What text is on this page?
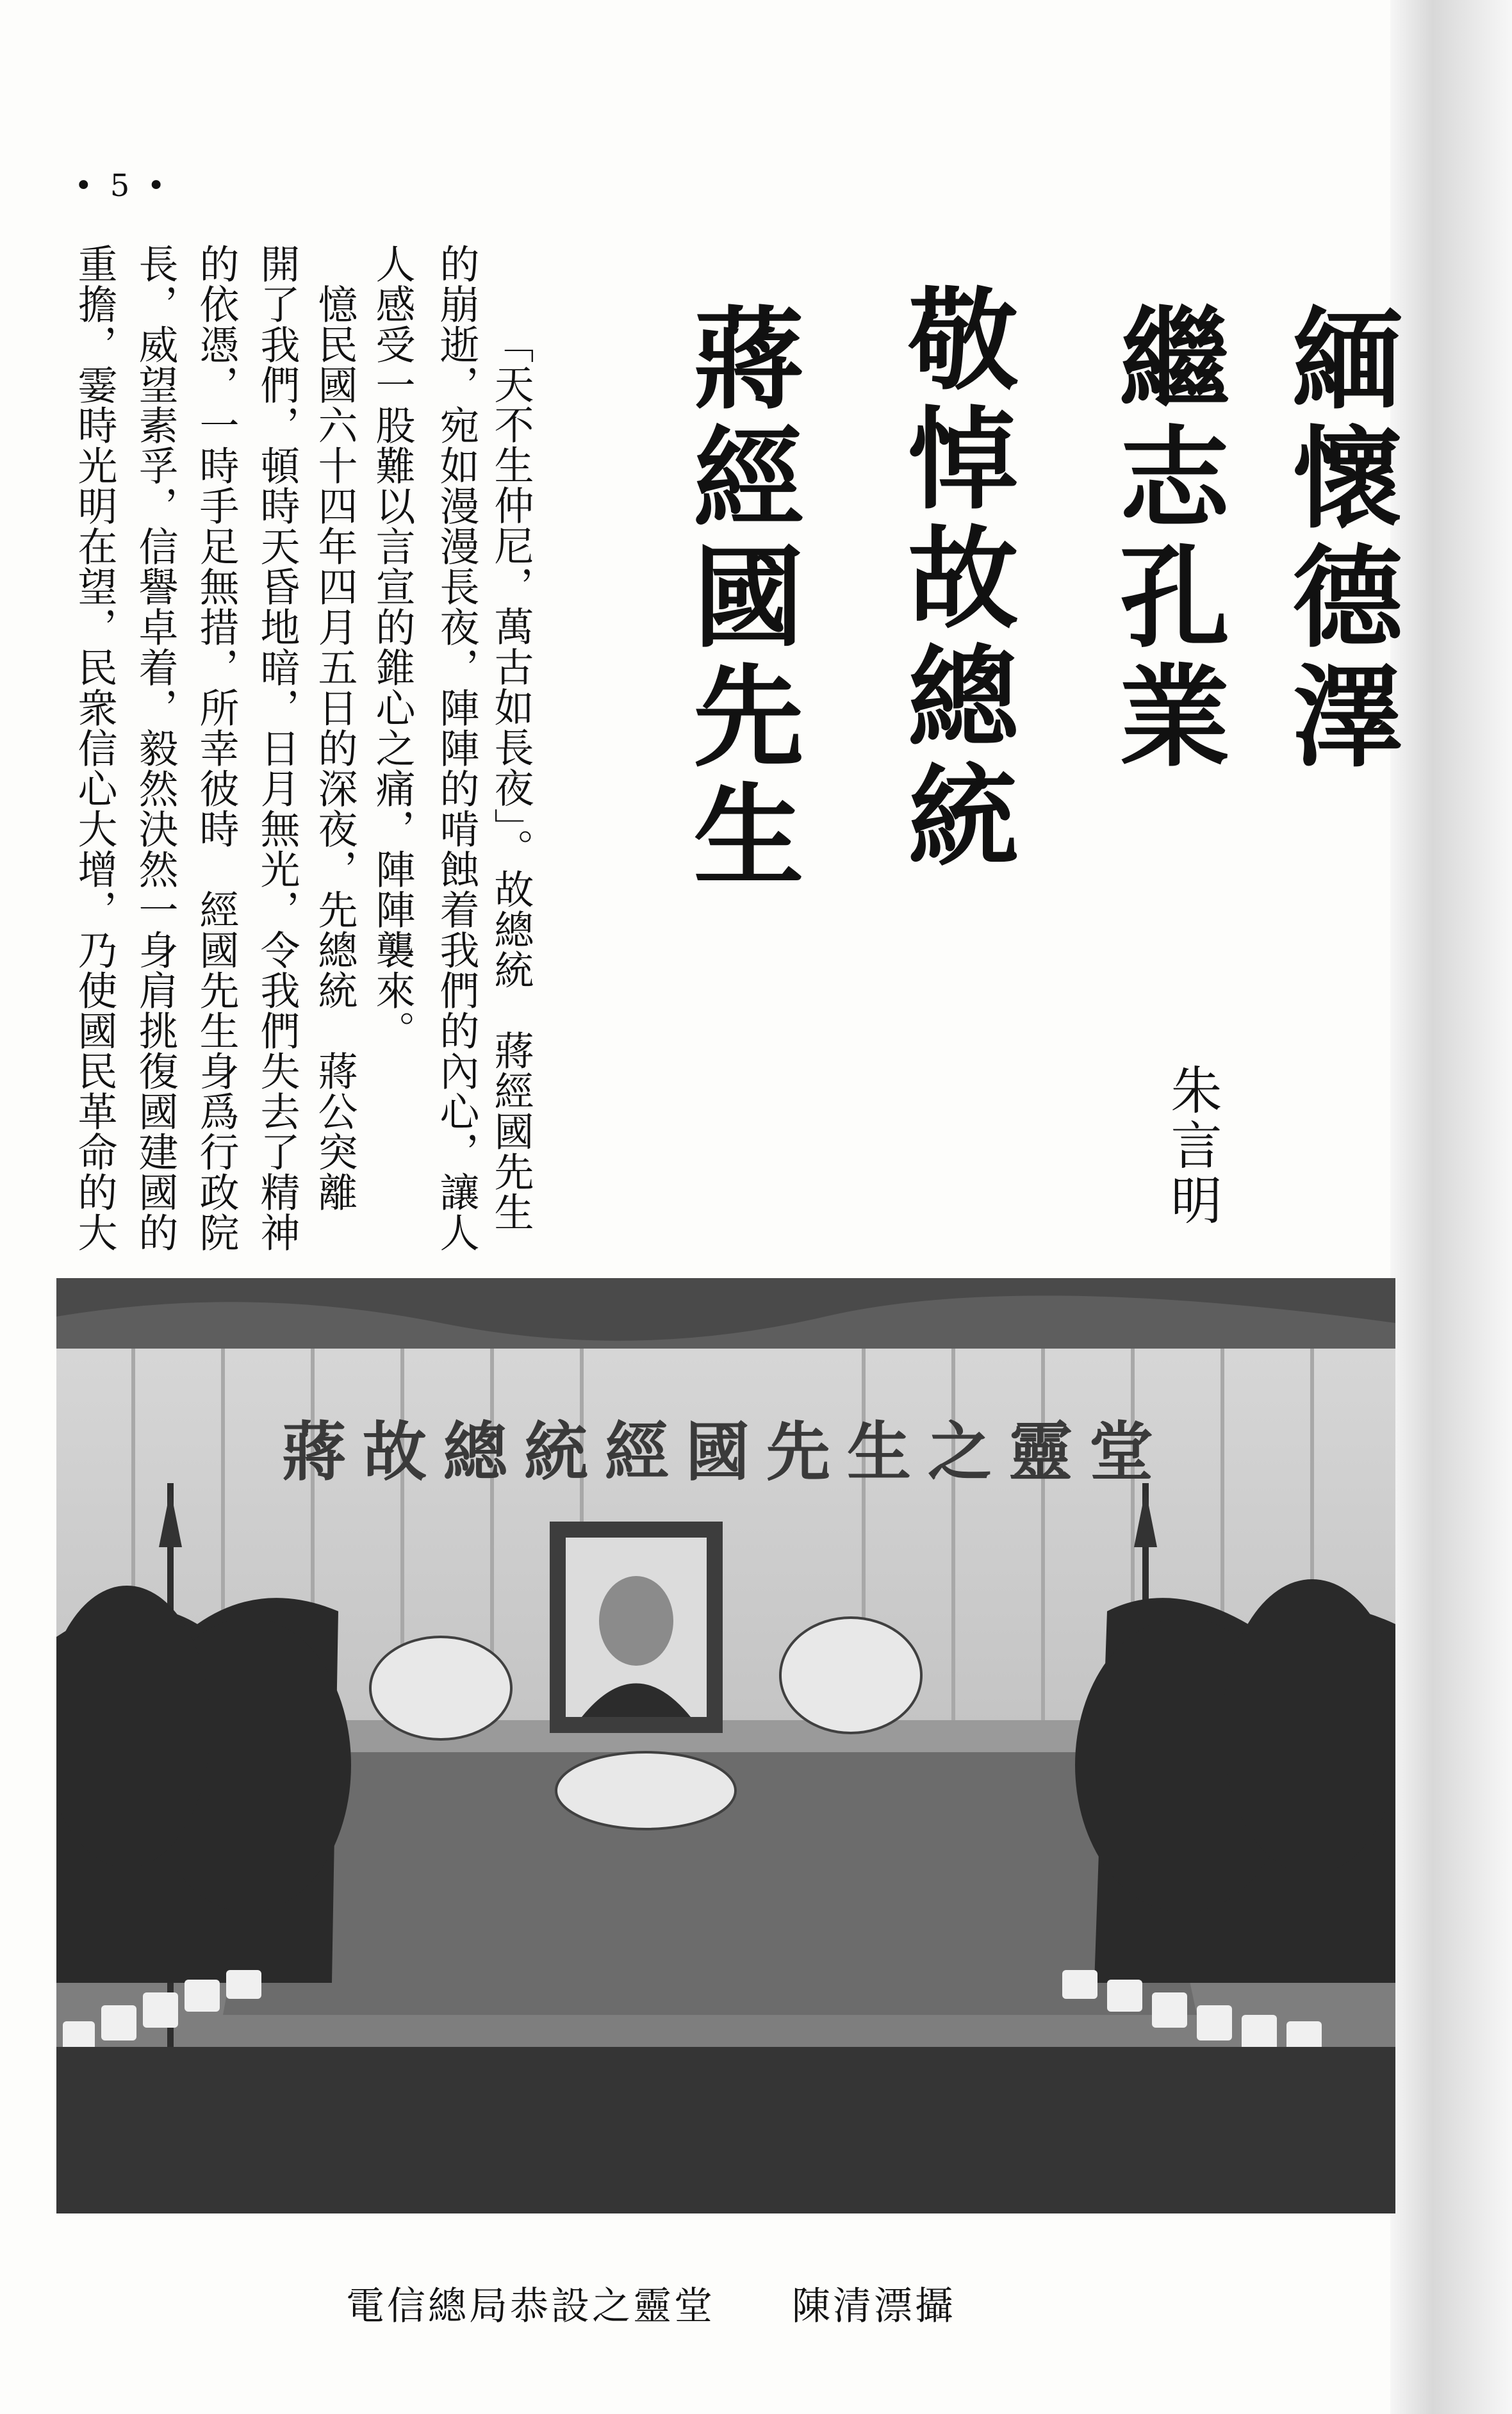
• 5 •
緬懷德澤
繼志孔業
敬悼故總統
蔣經國先生
朱言明
「天不生仲尼，萬古如長夜」。故總統　蔣經國先生
的崩逝，宛如漫漫長夜，陣陣的啃蝕着我們的內心，讓人
人感受一股難以言宣的錐心之痛，陣陣襲來。
　憶民國六十四年四月五日的深夜，先總統　蔣公突離
開了我們，頓時天昏地暗，日月無光，令我們失去了精神
的依憑，一時手足無措，所幸彼時　經國先生身爲行政院
長，威望素孚，信譽卓着，毅然決然一身肩挑復國建國的
重擔，霎時光明在望，民衆信心大增，乃使國民革命的大
蔣故總統經國先生之靈堂
電信總局恭設之靈堂 陳清漂攝
